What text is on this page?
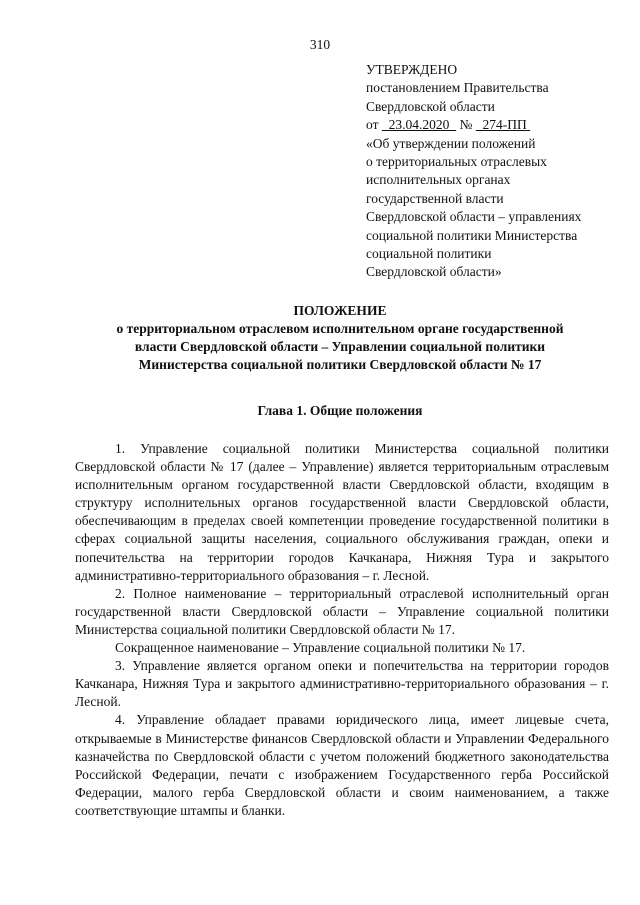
310
УТВЕРЖДЕНО
постановлением Правительства
Свердловской области
от 23.04.2020 № 274-ПП
«Об утверждении положений
о территориальных отраслевых
исполнительных органах
государственной власти
Свердловской области – управлениях
социальной политики Министерства
социальной политики
Свердловской области»
ПОЛОЖЕНИЕ
о территориальном отраслевом исполнительном органе государственной
власти Свердловской области – Управлении социальной политики
Министерства социальной политики Свердловской области № 17
Глава 1. Общие положения

1. Управление социальной политики Министерства социальной политики Свердловской области № 17 (далее – Управление) является территориальным отраслевым исполнительным органом государственной власти Свердловской области, входящим в структуру исполнительных органов государственной власти Свердловской области, обеспечивающим в пределах своей компетенции проведение государственной политики в сферах социальной защиты населения, социального обслуживания граждан, опеки и попечительства на территории городов Качканара, Нижняя Тура и закрытого административно-территориального образования – г. Лесной.

2. Полное наименование – территориальный отраслевой исполнительный орган государственной власти Свердловской области – Управление социальной политики Министерства социальной политики Свердловской области № 17.

Сокращенное наименование – Управление социальной политики № 17.

3. Управление является органом опеки и попечительства на территории городов Качканара, Нижняя Тура и закрытого административно-территориального образования – г. Лесной.

4. Управление обладает правами юридического лица, имеет лицевые счета, открываемые в Министерстве финансов Свердловской области и Управлении Федерального казначейства по Свердловской области с учетом положений бюджетного законодательства Российской Федерации, печати с изображением Государственного герба Российской Федерации, малого герба Свердловской области и своим наименованием, а также соответствующие штампы и бланки.
